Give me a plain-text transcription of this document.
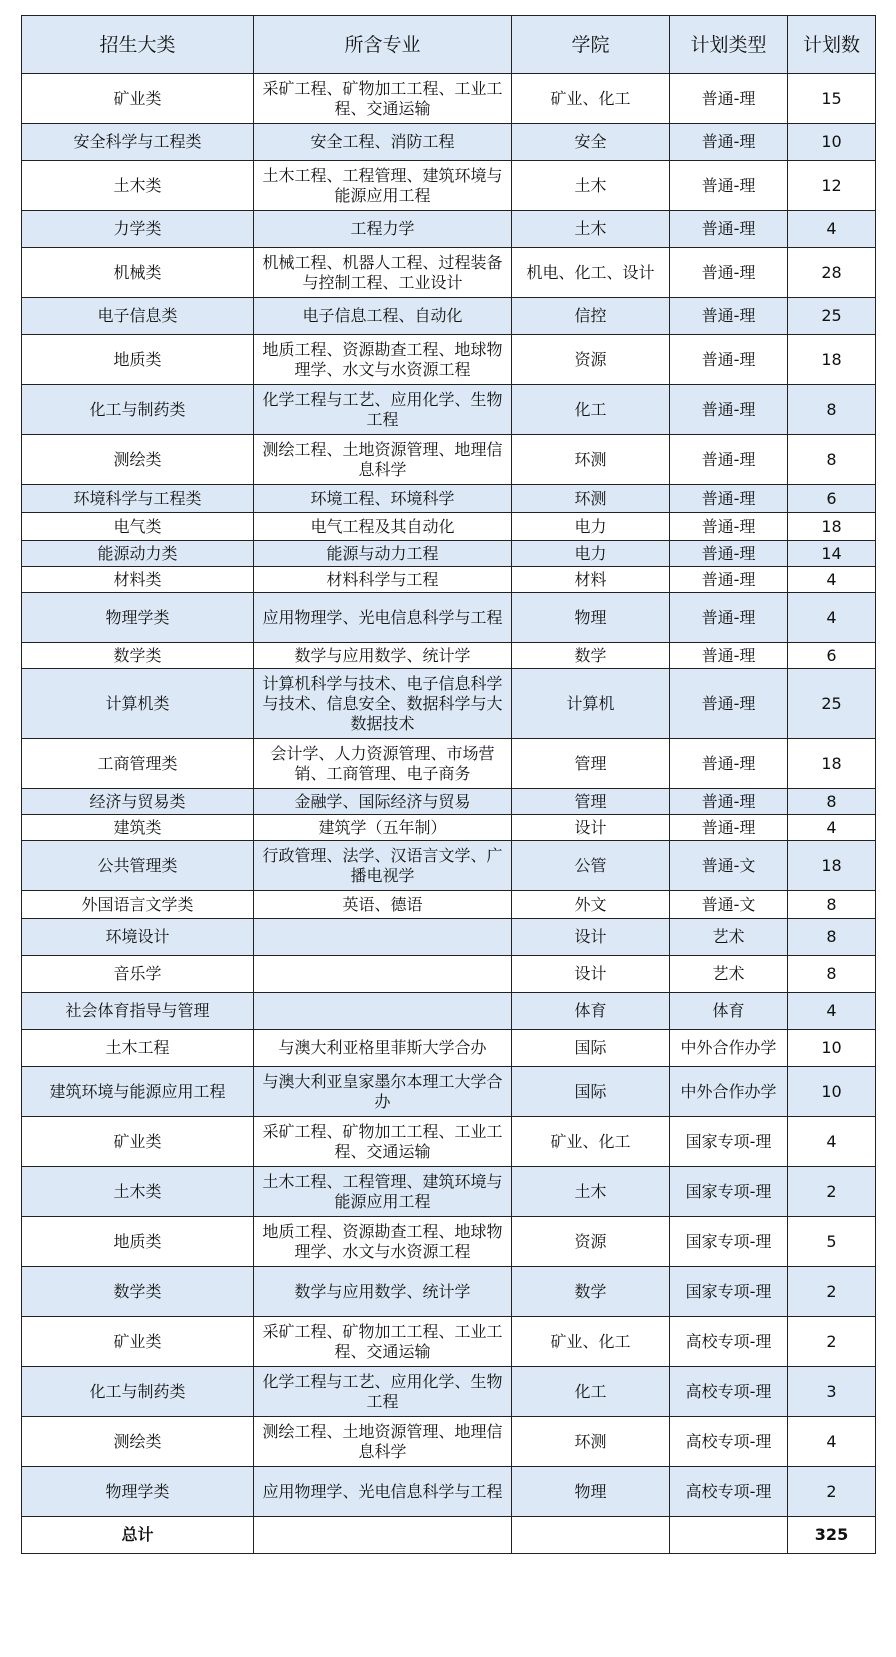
招生大类	所含专业	学院	计划类型	计划数
矿业类	采矿工程、矿物加工工程、工业工程、交通运输	矿业、化工	普通-理	15
安全科学与工程类	安全工程、消防工程	安全	普通-理	10
土木类	土木工程、工程管理、建筑环境与能源应用工程	土木	普通-理	12
力学类	工程力学	土木	普通-理	4
机械类	机械工程、机器人工程、过程装备与控制工程、工业设计	机电、化工、设计	普通-理	28
电子信息类	电子信息工程、自动化	信控	普通-理	25
地质类	地质工程、资源勘查工程、地球物理学、水文与水资源工程	资源	普通-理	18
化工与制药类	化学工程与工艺、应用化学、生物工程	化工	普通-理	8
测绘类	测绘工程、土地资源管理、地理信息科学	环测	普通-理	8
环境科学与工程类	环境工程、环境科学	环测	普通-理	6
电气类	电气工程及其自动化	电力	普通-理	18
能源动力类	能源与动力工程	电力	普通-理	14
材料类	材料科学与工程	材料	普通-理	4
物理学类	应用物理学、光电信息科学与工程	物理	普通-理	4
数学类	数学与应用数学、统计学	数学	普通-理	6
计算机类	计算机科学与技术、电子信息科学与技术、信息安全、数据科学与大数据技术	计算机	普通-理	25
工商管理类	会计学、人力资源管理、市场营销、工商管理、电子商务	管理	普通-理	18
经济与贸易类	金融学、国际经济与贸易	管理	普通-理	8
建筑类	建筑学（五年制）	设计	普通-理	4
公共管理类	行政管理、法学、汉语言文学、广播电视学	公管	普通-文	18
外国语言文学类	英语、德语	外文	普通-文	8
环境设计		设计	艺术	8
音乐学		设计	艺术	8
社会体育指导与管理		体育	体育	4
土木工程	与澳大利亚格里菲斯大学合办	国际	中外合作办学	10
建筑环境与能源应用工程	与澳大利亚皇家墨尔本理工大学合办	国际	中外合作办学	10
矿业类	采矿工程、矿物加工工程、工业工程、交通运输	矿业、化工	国家专项-理	4
土木类	土木工程、工程管理、建筑环境与能源应用工程	土木	国家专项-理	2
地质类	地质工程、资源勘查工程、地球物理学、水文与水资源工程	资源	国家专项-理	5
数学类	数学与应用数学、统计学	数学	国家专项-理	2
矿业类	采矿工程、矿物加工工程、工业工程、交通运输	矿业、化工	高校专项-理	2
化工与制药类	化学工程与工艺、应用化学、生物工程	化工	高校专项-理	3
测绘类	测绘工程、土地资源管理、地理信息科学	环测	高校专项-理	4
物理学类	应用物理学、光电信息科学与工程	物理	高校专项-理	2
总计				325
